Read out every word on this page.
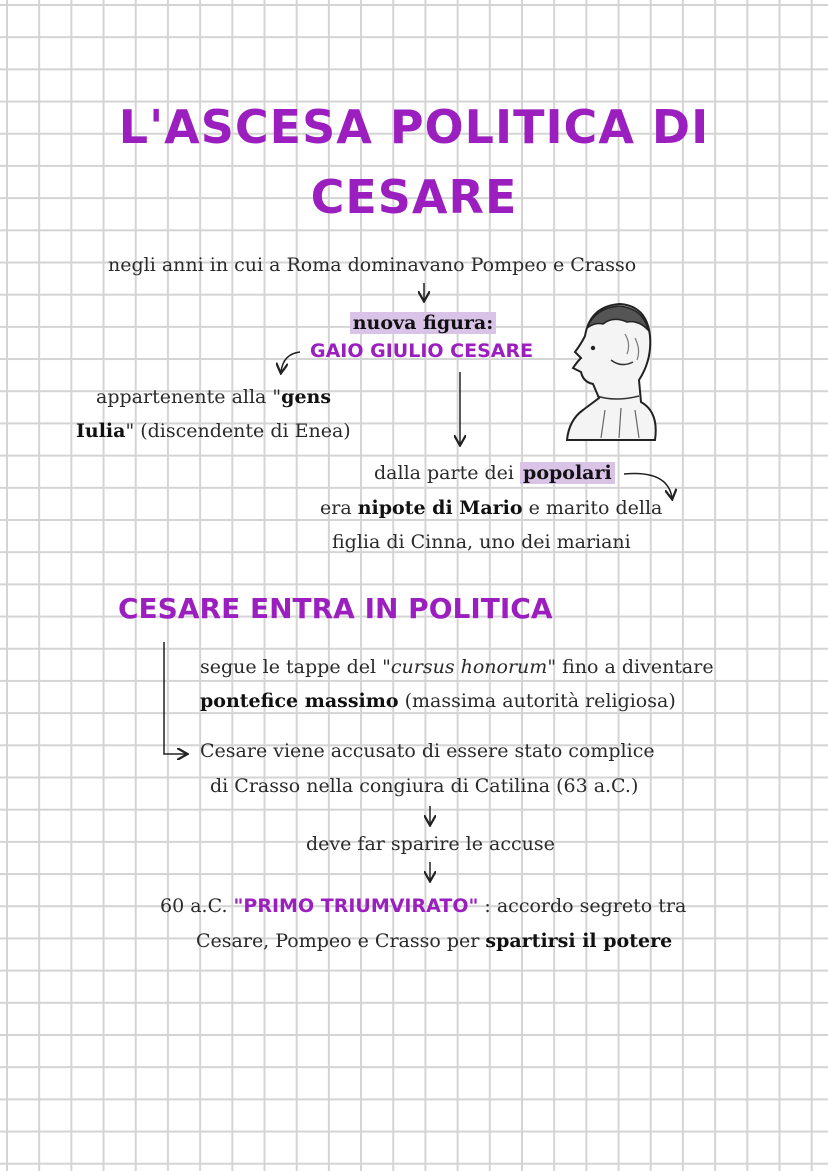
L'ASCESA POLITICA DI
CESARE
negli anni in cui a Roma dominavano Pompeo e Crasso
nuova figura:
GAIO GIULIO CESARE
appartenente alla "gens
Iulia" (discendente di Enea)
dalla parte dei popolari
era nipote di Mario e marito della
figlia di Cinna, uno dei mariani
CESARE ENTRA IN POLITICA
segue le tappe del "cursus honorum" fino a diventare
pontefice massimo (massima autorità religiosa)
Cesare viene accusato di essere stato complice
di Crasso nella congiura di Catilina (63 a.C.)
deve far sparire le accuse
60 a.C. "PRIMO TRIUMVIRATO" : accordo segreto tra
Cesare, Pompeo e Crasso per spartirsi il potere
